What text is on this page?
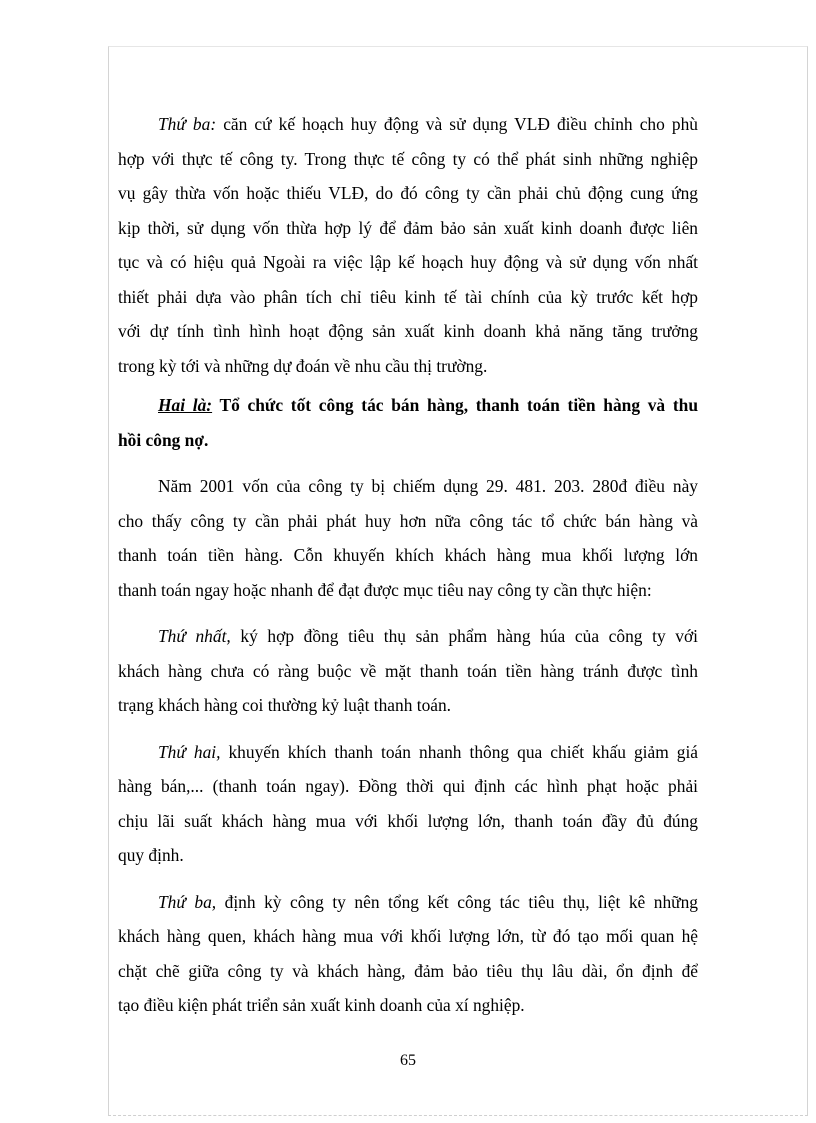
Thứ ba: căn cứ kế hoạch huy động và sử dụng VLĐ điều chỉnh cho phù
hợp với thực tế công ty. Trong thực tế công ty có thể phát sinh những nghiệp
vụ gây thừa vốn hoặc thiếu VLĐ, do đó công ty cần phải chủ động cung ứng
kịp thời, sử dụng vốn thừa hợp lý để đảm bảo sản xuất kinh doanh được liên
tục và có hiệu quả Ngoài ra việc lập kế hoạch huy động và sử dụng vốn nhất
thiết phải dựa vào phân tích chỉ tiêu kinh tế tài chính của kỳ trước kết hợp
với dự tính tình hình hoạt động sản xuất kinh doanh khả năng tăng trưởng
trong kỳ tới và những dự đoán về nhu cầu thị trường.
Hai là: Tổ chức tốt công tác bán hàng, thanh toán tiền hàng và thu
hồi công nợ.
Năm 2001 vốn của công ty bị chiếm dụng 29. 481. 203. 280đ điều này
cho thấy công ty cần phải phát huy hơn nữa công tác tổ chức bán hàng và
thanh toán tiền hàng. Cỗn khuyến khích khách hàng mua khối lượng lớn
thanh toán ngay hoặc nhanh để đạt được mục tiêu nay công ty cần thực hiện:
Thứ nhất, ký hợp đồng tiêu thụ sản phẩm hàng húa của công ty với
khách hàng chưa có ràng buộc về mặt thanh toán tiền hàng tránh được tình
trạng khách hàng coi thường kỷ luật thanh toán.
Thứ hai, khuyến khích thanh toán nhanh thông qua chiết khấu giảm giá
hàng bán,... (thanh toán ngay). Đồng thời qui định các hình phạt hoặc phải
chịu lãi suất khách hàng mua với khối lượng lớn, thanh toán đầy đủ đúng
quy định.
Thứ ba, định kỳ công ty nên tổng kết công tác tiêu thụ, liệt kê những
khách hàng quen, khách hàng mua với khối lượng lớn, từ đó tạo mối quan hệ
chặt chẽ giữa công ty và khách hàng, đảm bảo tiêu thụ lâu dài, ổn định để
tạo điều kiện phát triển sản xuất kinh doanh của xí nghiệp.
65
